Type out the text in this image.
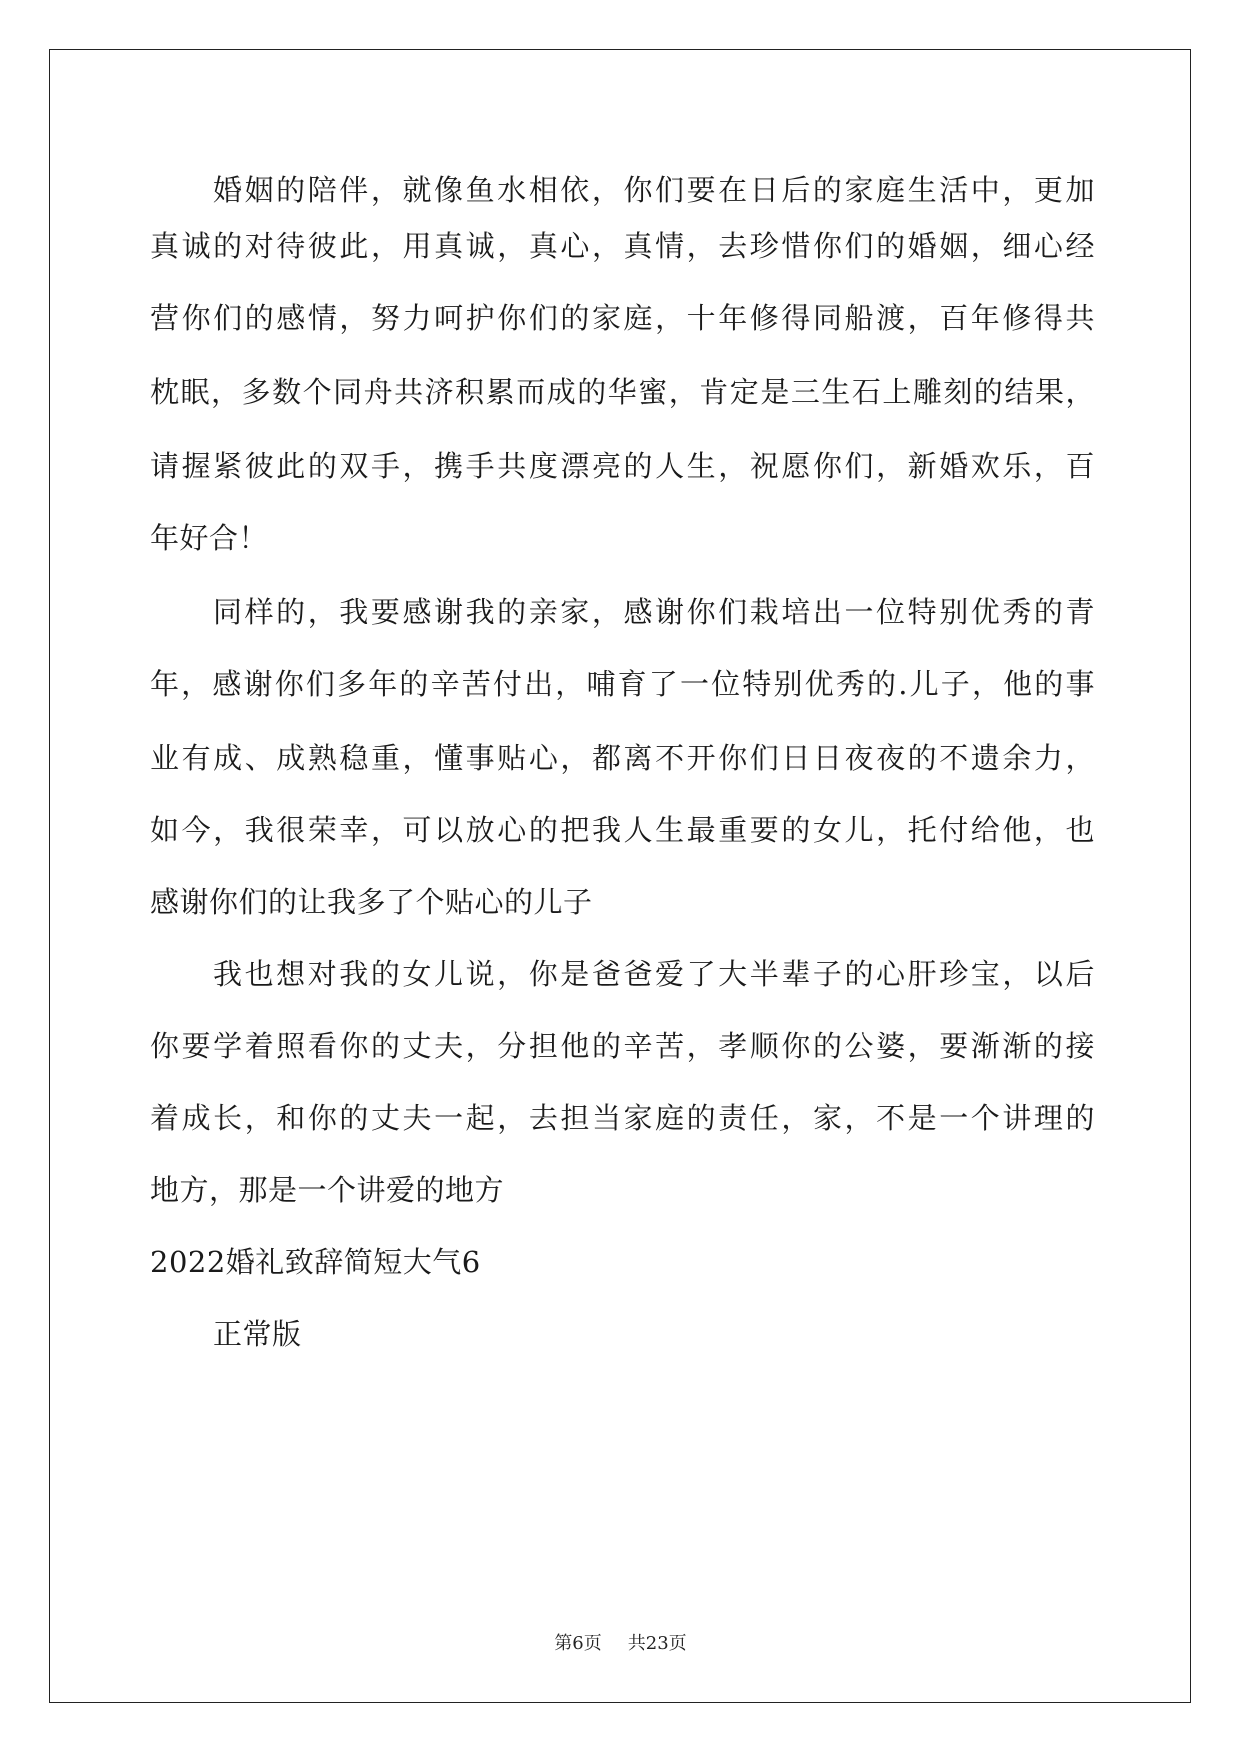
婚姻的陪伴，就像鱼水相依，你们要在日后的家庭生活中，更加
真诚的对待彼此，用真诚，真心，真情，去珍惜你们的婚姻，细心经
营你们的感情，努力呵护你们的家庭，十年修得同船渡，百年修得共
枕眠，多数个同舟共济积累而成的华蜜，肯定是三生石上雕刻的结果，
请握紧彼此的双手，携手共度漂亮的人生，祝愿你们，新婚欢乐，百
年好合！
同样的，我要感谢我的亲家，感谢你们栽培出一位特别优秀的青
年，感谢你们多年的辛苦付出，哺育了一位特别优秀的.儿子，他的事
业有成、成熟稳重，懂事贴心，都离不开你们日日夜夜的不遗余力，
如今，我很荣幸，可以放心的把我人生最重要的女儿，托付给他，也
感谢你们的让我多了个贴心的儿子
我也想对我的女儿说，你是爸爸爱了大半辈子的心肝珍宝，以后
你要学着照看你的丈夫，分担他的辛苦，孝顺你的公婆，要渐渐的接
着成长，和你的丈夫一起，去担当家庭的责任，家，不是一个讲理的
地方，那是一个讲爱的地方
2022婚礼致辞简短大气6
正常版
第6页 共23页
